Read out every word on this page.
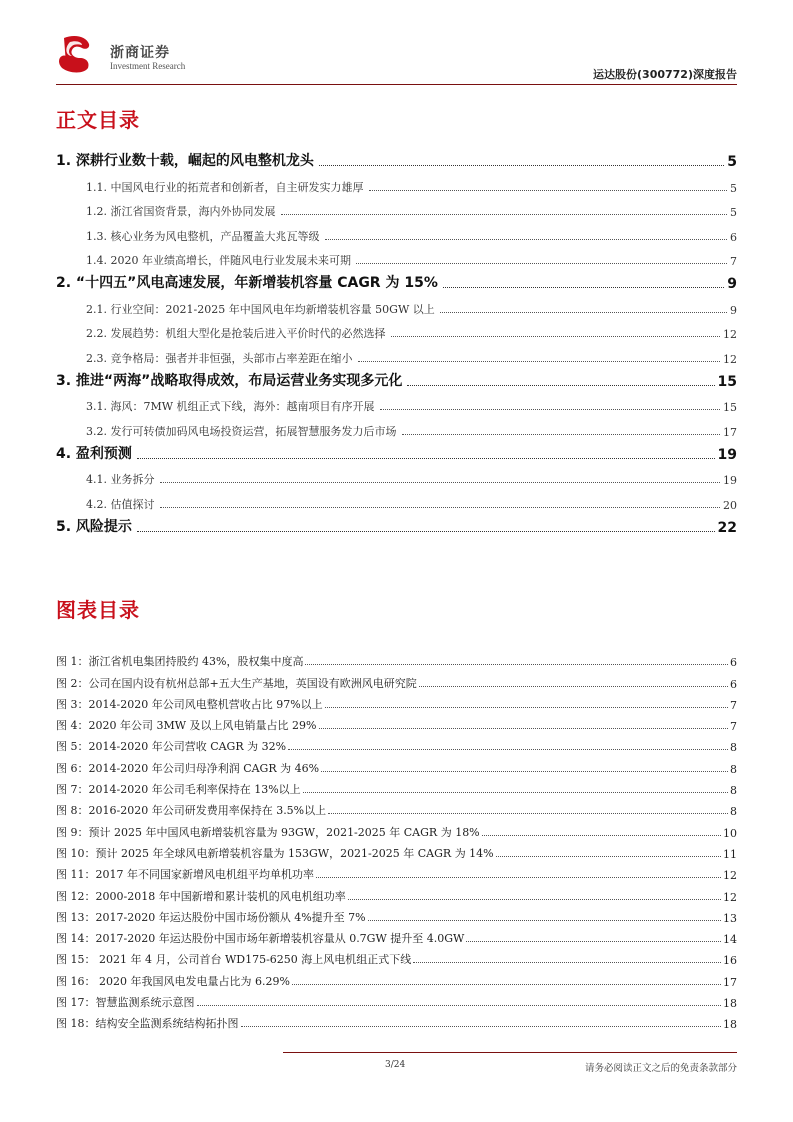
浙商证券
Investment Research
运达股份(300772)深度报告
正文目录
1. 深耕行业数十载，崛起的风电整机龙头	5
1.1. 中国风电行业的拓荒者和创新者，自主研发实力雄厚	5
1.2. 浙江省国资背景，海内外协同发展	5
1.3. 核心业务为风电整机，产品覆盖大兆瓦等级	6
1.4. 2020 年业绩高增长，伴随风电行业发展未来可期	7
2. “十四五”风电高速发展，年新增装机容量 CAGR 为 15%	9
2.1. 行业空间：2021-2025 年中国风电年均新增装机容量 50GW 以上	9
2.2. 发展趋势：机组大型化是抢装后进入平价时代的必然选择	12
2.3. 竞争格局：强者并非恒强，头部市占率差距在缩小	12
3. 推进“两海”战略取得成效，布局运营业务实现多元化	15
3.1. 海风：7MW 机组正式下线，海外：越南项目有序开展	15
3.2. 发行可转债加码风电场投资运营，拓展智慧服务发力后市场	17
4. 盈利预测	19
4.1. 业务拆分	19
4.2. 估值探讨	20
5. 风险提示	22
图表目录
图 1：浙江省机电集团持股约 43%，股权集中度高	6
图 2：公司在国内设有杭州总部+五大生产基地，英国设有欧洲风电研究院	6
图 3：2014-2020 年公司风电整机营收占比 97%以上	7
图 4：2020 年公司 3MW 及以上风电销量占比 29%	7
图 5：2014-2020 年公司营收 CAGR 为 32%	8
图 6：2014-2020 年公司归母净利润 CAGR 为 46%	8
图 7：2014-2020 年公司毛利率保持在 13%以上	8
图 8：2016-2020 年公司研发费用率保持在 3.5%以上	8
图 9：预计 2025 年中国风电新增装机容量为 93GW，2021-2025 年 CAGR 为 18%	10
图 10：预计 2025 年全球风电新增装机容量为 153GW，2021-2025 年 CAGR 为 14%	11
图 11：2017 年不同国家新增风电机组平均单机功率	12
图 12：2000-2018 年中国新增和累计装机的风电机组功率	12
图 13：2017-2020 年运达股份中国市场份额从 4%提升至 7%	13
图 14：2017-2020 年运达股份中国市场年新增装机容量从 0.7GW 提升至 4.0GW	14
图 15： 2021 年 4 月，公司首台 WD175-6250 海上风电机组正式下线	16
图 16： 2020 年我国风电发电量占比为 6.29%	17
图 17：智慧监测系统示意图	18
图 18：结构安全监测系统结构拓扑图	18
3/24	请务必阅读正文之后的免责条款部分
